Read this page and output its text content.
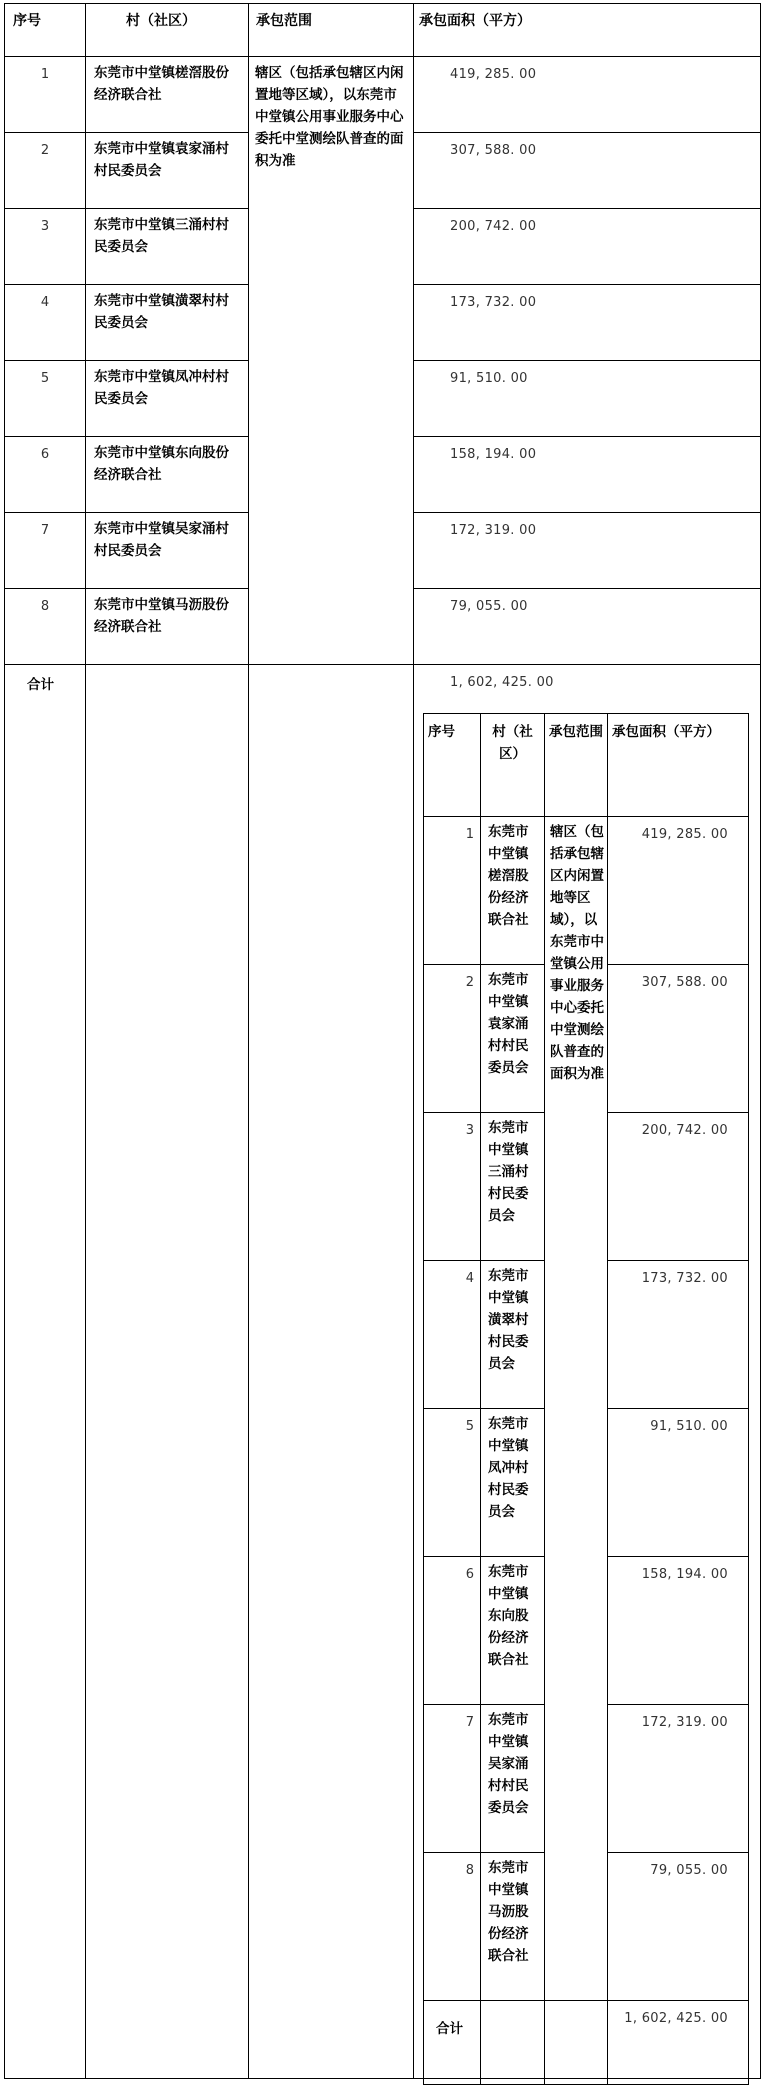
序号	村（社区）	承包范围	承包面积（平方）
1	东莞市中堂镇槎滘股份经济联合社	辖区（包括承包辖区内闲置地等区域），以东莞市中堂镇公用事业服务中心委托中堂测绘队普查的面积为准	419, 285. 00
2	东莞市中堂镇袁家涌村村民委员会		307, 588. 00
3	东莞市中堂镇三涌村村民委员会		200, 742. 00
4	东莞市中堂镇潢翠村村民委员会		173, 732. 00
5	东莞市中堂镇凤冲村村民委员会		91, 510. 00
6	东莞市中堂镇东向股份经济联合社		158, 194. 00
7	东莞市中堂镇吴家涌村村民委员会		172, 319. 00
8	东莞市中堂镇马沥股份经济联合社		79, 055. 00
合计			1, 602, 425. 00
序号	村（社区）	承包范围	承包面积（平方）
1	东莞市中堂镇槎滘股份经济联合社	辖区（包括承包辖区内闲置地等区域），以东莞市中堂镇公用事业服务中心委托中堂测绘队普查的面积为准	419, 285. 00
2	东莞市中堂镇袁家涌村村民委员会		307, 588. 00
3	东莞市中堂镇三涌村村民委员会		200, 742. 00
4	东莞市中堂镇潢翠村村民委员会		173, 732. 00
5	东莞市中堂镇凤冲村村民委员会		91, 510. 00
6	东莞市中堂镇东向股份经济联合社		158, 194. 00
7	东莞市中堂镇吴家涌村村民委员会		172, 319. 00
8	东莞市中堂镇马沥股份经济联合社		79, 055. 00
合计			1, 602, 425. 00
